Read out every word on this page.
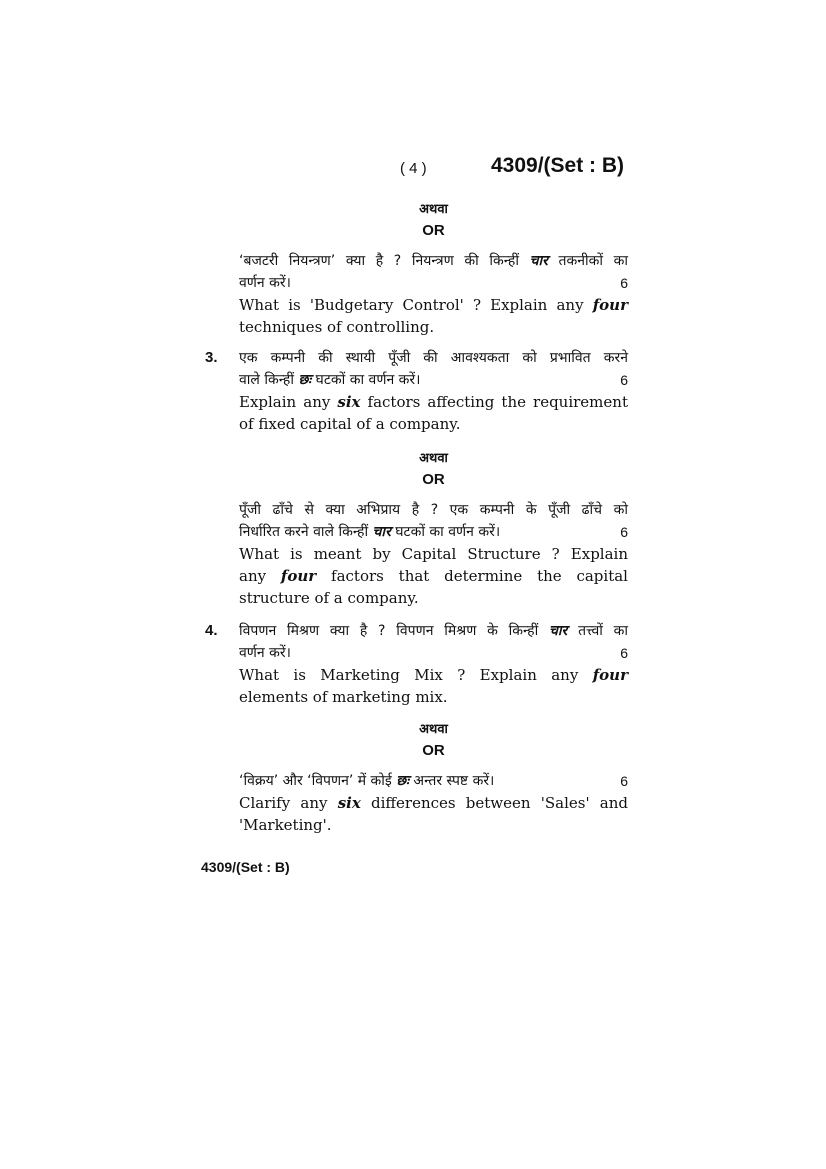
( 4 )	4309/(Set : B)
अथवा
OR
‘बजटरी नियन्त्रण’ क्या है ? नियन्त्रण की किन्हीं चार तकनीकों का
वर्णन करें।	6
What is 'Budgetary Control' ? Explain any four
techniques of controlling.
3. एक कम्पनी की स्थायी पूँजी की आवश्यकता को प्रभावित करने
वाले किन्हीं छः घटकों का वर्णन करें।	6
Explain any six factors affecting the requirement
of fixed capital of a company.
अथवा
OR
पूँजी ढाँचे से क्या अभिप्राय है ? एक कम्पनी के पूँजी ढाँचे को
निर्धारित करने वाले किन्हीं चार घटकों का वर्णन करें।	6
What is meant by Capital Structure ? Explain
any four factors that determine the capital
structure of a company.
4. विपणन मिश्रण क्या है ? विपणन मिश्रण के किन्हीं चार तत्त्वों का
वर्णन करें।	6
What is Marketing Mix ? Explain any four
elements of marketing mix.
अथवा
OR
‘विक्रय’ और ‘विपणन’ में कोई छः अन्तर स्पष्ट करें।	6
Clarify any six differences between 'Sales' and
'Marketing'.
4309/(Set : B)
